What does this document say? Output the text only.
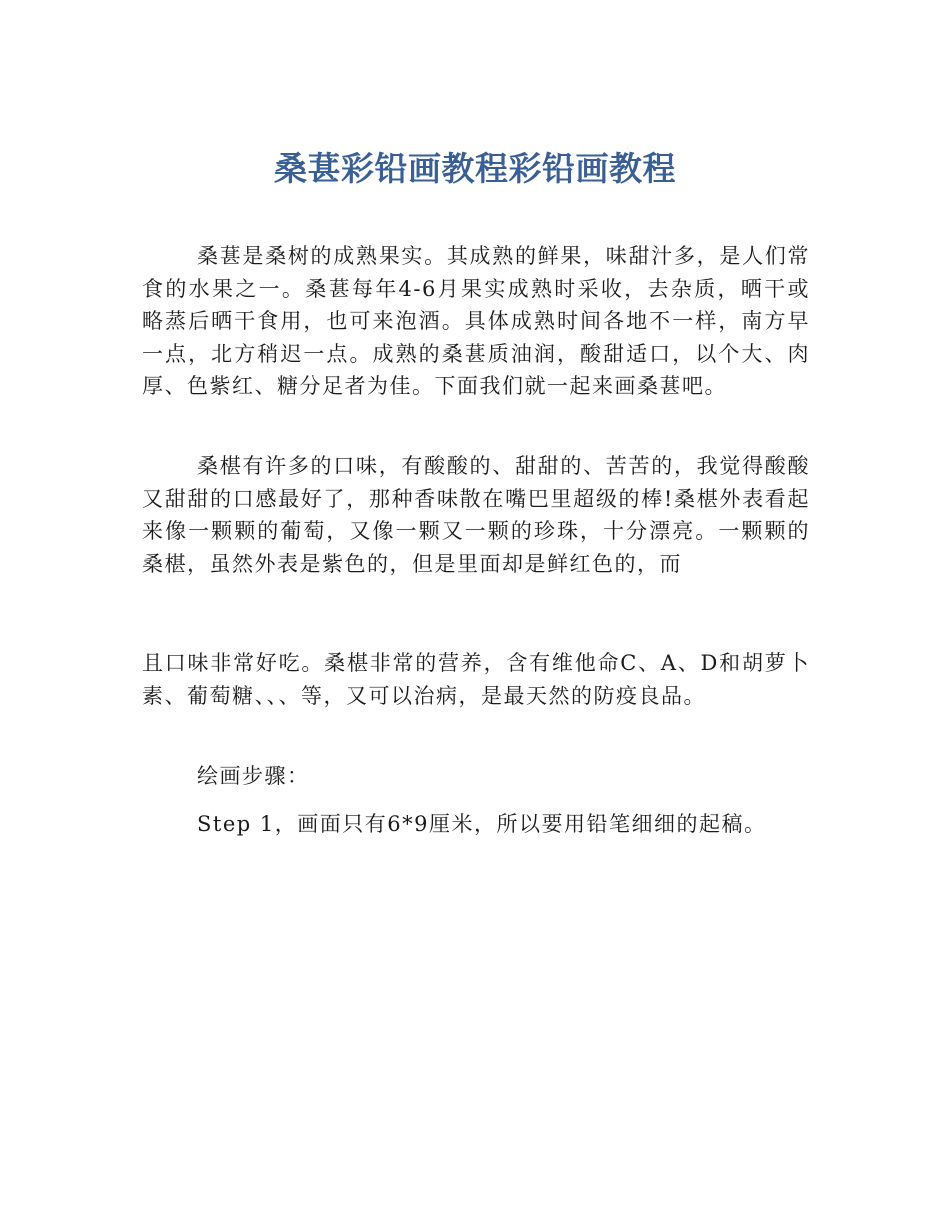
桑葚彩铅画教程彩铅画教程

桑葚是桑树的成熟果实。其成熟的鲜果，味甜汁多，是人们常食的水果之一。桑葚每年4-6月果实成熟时采收，去杂质，晒干或略蒸后晒干食用，也可来泡酒。具体成熟时间各地不一样，南方早一点，北方稍迟一点。成熟的桑葚质油润，酸甜适口，以个大、肉厚、色紫红、糖分足者为佳。下面我们就一起来画桑葚吧。

桑椹有许多的口味，有酸酸的、甜甜的、苦苦的，我觉得酸酸又甜甜的口感最好了，那种香味散在嘴巴里超级的棒!桑椹外表看起来像一颗颗的葡萄，又像一颗又一颗的珍珠，十分漂亮。一颗颗的桑椹，虽然外表是紫色的，但是里面却是鲜红色的，而

且口味非常好吃。桑椹非常的营养，含有维他命C、A、D和胡萝卜素、葡萄糖、、、等，又可以治病，是最天然的防疫良品。

绘画步骤：

Step 1，画面只有6*9厘米，所以要用铅笔细细的起稿。
